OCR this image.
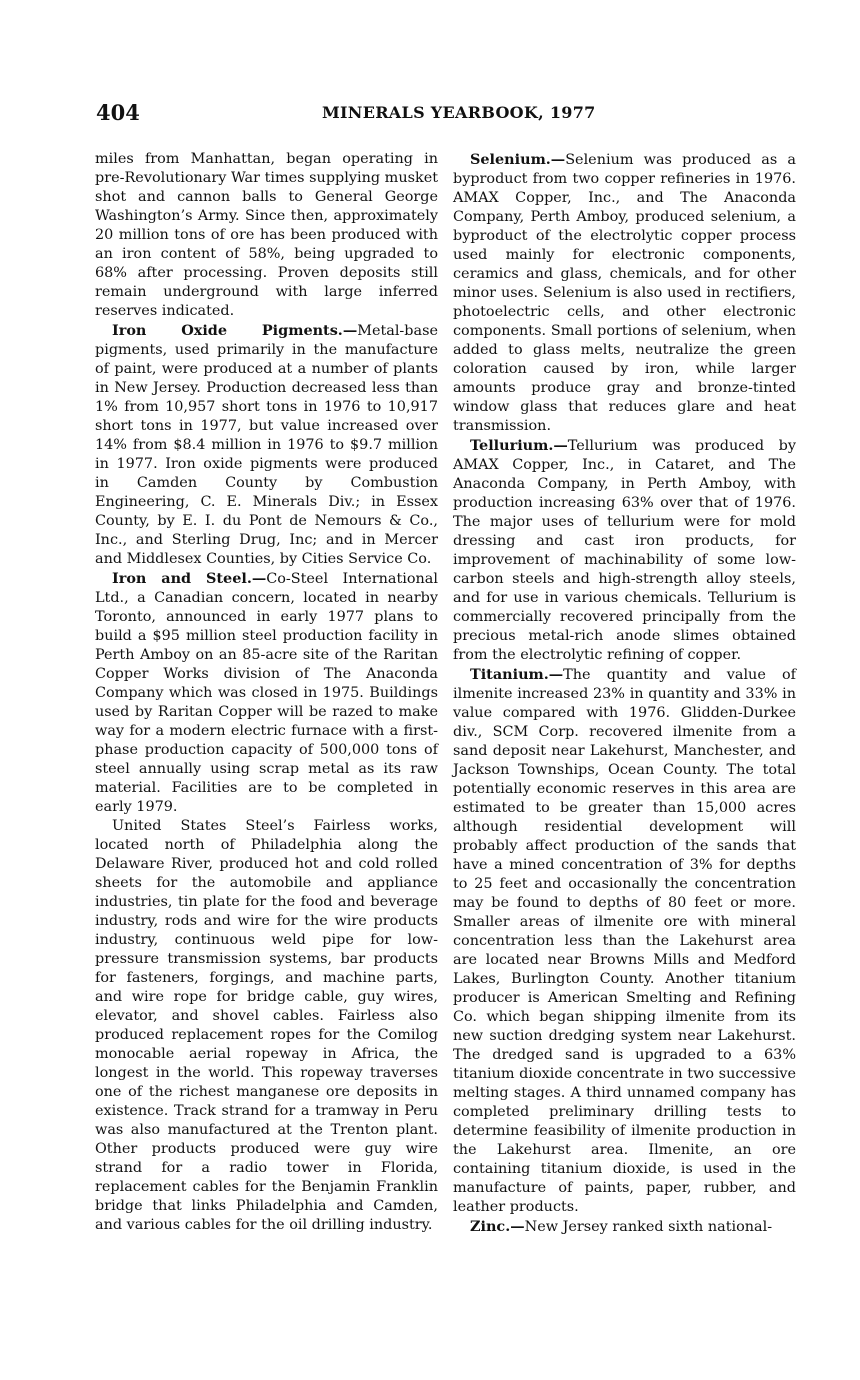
404	MINERALS YEARBOOK, 1977

miles from Manhattan, began operating in pre-Revolutionary War times supplying musket shot and cannon balls to General George Washington’s Army. Since then, approximately 20 million tons of ore has been produced with an iron content of 58%, being upgraded to 68% after processing. Proven deposits still remain underground with large inferred reserves indicated.

Iron Oxide Pigments.—Metal-base pigments, used primarily in the manufacture of paint, were produced at a number of plants in New Jersey. Production decreased less than 1% from 10,957 short tons in 1976 to 10,917 short tons in 1977, but value increased over 14% from $8.4 million in 1976 to $9.7 million in 1977. Iron oxide pigments were produced in Camden County by Combustion Engineering, C. E. Minerals Div.; in Essex County, by E. I. du Pont de Nemours & Co., Inc., and Sterling Drug, Inc; and in Mercer and Middlesex Counties, by Cities Service Co.

Iron and Steel.—Co-Steel International Ltd., a Canadian concern, located in nearby Toronto, announced in early 1977 plans to build a $95 million steel production facility in Perth Amboy on an 85-acre site of the Raritan Copper Works division of The Anaconda Company which was closed in 1975. Buildings used by Raritan Copper will be razed to make way for a modern electric furnace with a first-phase production capacity of 500,000 tons of steel annually using scrap metal as its raw material. Facilities are to be completed in early 1979.

United States Steel’s Fairless works, located north of Philadelphia along the Delaware River, produced hot and cold rolled sheets for the automobile and appliance industries, tin plate for the food and beverage industry, rods and wire for the wire products industry, continuous weld pipe for low-pressure transmission systems, bar products for fasteners, forgings, and machine parts, and wire rope for bridge cable, guy wires, elevator, and shovel cables. Fairless also produced replacement ropes for the Comilog monocable aerial ropeway in Africa, the longest in the world. This ropeway traverses one of the richest manganese ore deposits in existence. Track strand for a tramway in Peru was also manufactured at the Trenton plant. Other products produced were guy wire strand for a radio tower in Florida, replacement cables for the Benjamin Franklin bridge that links Philadelphia and Camden, and various cables for the oil drilling industry.

Selenium.—Selenium was produced as a byproduct from two copper refineries in 1976. AMAX Copper, Inc., and The Anaconda Company, Perth Amboy, produced selenium, a byproduct of the electrolytic copper process used mainly for electronic components, ceramics and glass, chemicals, and for other minor uses. Selenium is also used in rectifiers, photoelectric cells, and other electronic components. Small portions of selenium, when added to glass melts, neutralize the green coloration caused by iron, while larger amounts produce gray and bronze-tinted window glass that reduces glare and heat transmission.

Tellurium.—Tellurium was produced by AMAX Copper, Inc., in Cataret, and The Anaconda Company, in Perth Amboy, with production increasing 63% over that of 1976. The major uses of tellurium were for mold dressing and cast iron products, for improvement of machinability of some low-carbon steels and high-strength alloy steels, and for use in various chemicals. Tellurium is commercially recovered principally from the precious metal-rich anode slimes obtained from the electrolytic refining of copper.

Titanium.—The quantity and value of ilmenite increased 23% in quantity and 33% in value compared with 1976. Glidden-Durkee div., SCM Corp. recovered ilmenite from a sand deposit near Lakehurst, Manchester, and Jackson Townships, Ocean County. The total potentially economic reserves in this area are estimated to be greater than 15,000 acres although residential development will probably affect production of the sands that have a mined concentration of 3% for depths to 25 feet and occasionally the concentration may be found to depths of 80 feet or more. Smaller areas of ilmenite ore with mineral concentration less than the Lakehurst area are located near Browns Mills and Medford Lakes, Burlington County. Another titanium producer is American Smelting and Refining Co. which began shipping ilmenite from its new suction dredging system near Lakehurst. The dredged sand is upgraded to a 63% titanium dioxide concentrate in two successive melting stages. A third unnamed company has completed preliminary drilling tests to determine feasibility of ilmenite production in the Lakehurst area. Ilmenite, an ore containing titanium dioxide, is used in the manufacture of paints, paper, rubber, and leather products.

Zinc.—New Jersey ranked sixth national-
